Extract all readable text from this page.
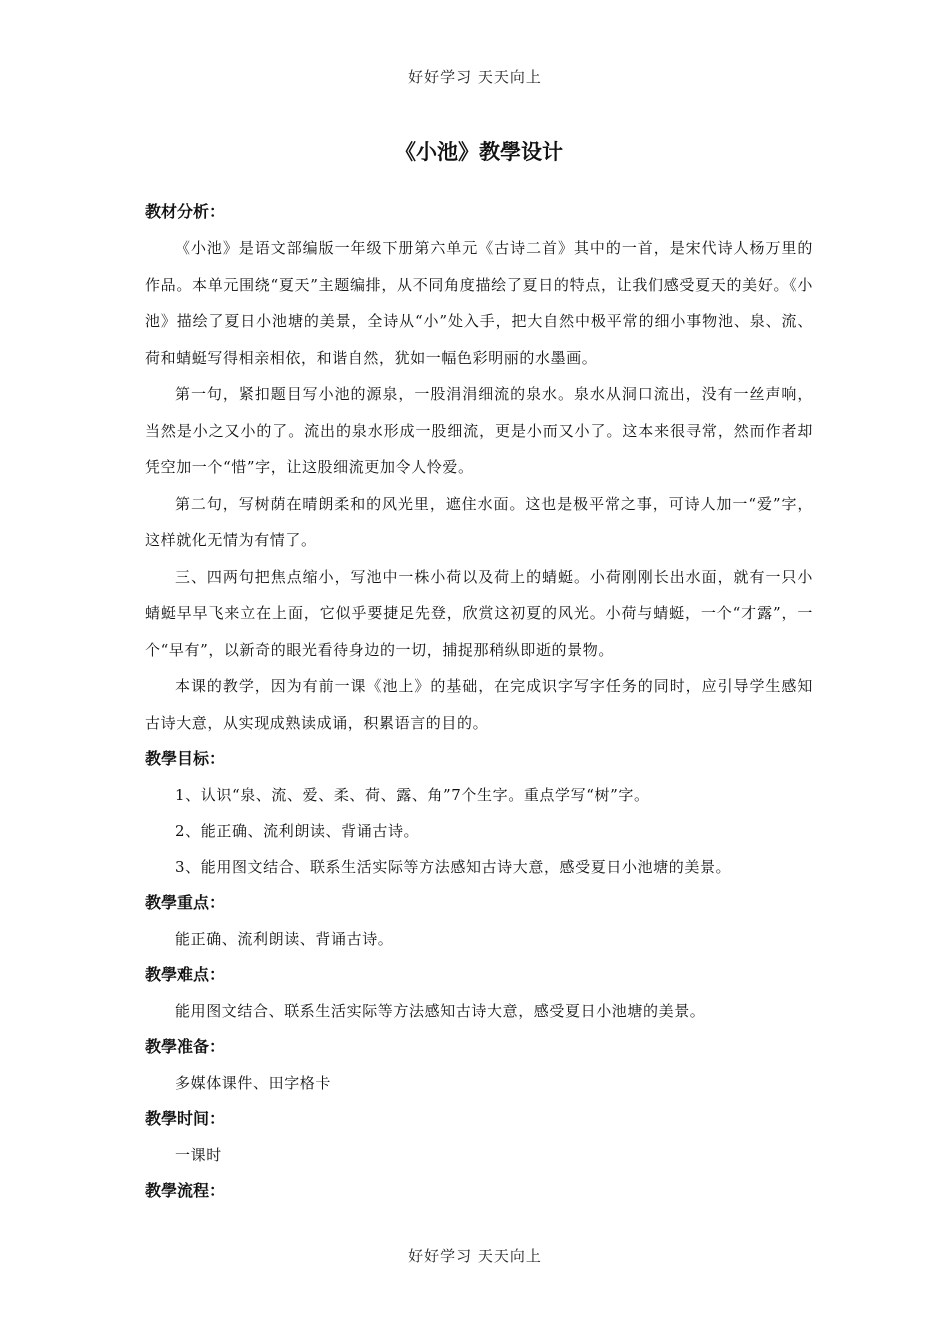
好好学习 天天向上
《小池》教學设计
教材分析：

《小池》是语文部编版一年级下册第六单元《古诗二首》其中的一首，是宋代诗人杨万里的作品。本单元围绕“夏天”主题编排，从不同角度描绘了夏日的特点，让我们感受夏天的美好。《小池》描绘了夏日小池塘的美景，全诗从“小”处入手，把大自然中极平常的细小事物池、泉、流、荷和蜻蜓写得相亲相依，和谐自然，犹如一幅色彩明丽的水墨画。

第一句，紧扣题目写小池的源泉，一股涓涓细流的泉水。泉水从洞口流出，没有一丝声响，当然是小之又小的了。流出的泉水形成一股细流，更是小而又小了。这本来很寻常，然而作者却凭空加一个“惜”字，让这股细流更加令人怜爱。

第二句，写树荫在晴朗柔和的风光里，遮住水面。这也是极平常之事，可诗人加一“爱”字，这样就化无情为有情了。

三、四两句把焦点缩小，写池中一株小荷以及荷上的蜻蜓。小荷刚刚长出水面，就有一只小蜻蜓早早飞来立在上面，它似乎要捷足先登，欣赏这初夏的风光。小荷与蜻蜓，一个“才露”，一个“早有”，以新奇的眼光看待身边的一切，捕捉那稍纵即逝的景物。

本课的教学，因为有前一课《池上》的基础，在完成识字写字任务的同时，应引导学生感知古诗大意，从实现成熟读成诵，积累语言的目的。

教學目标：

1、认识“泉、流、爱、柔、荷、露、角”7个生字。重点学写“树”字。

2、能正确、流利朗读、背诵古诗。

3、能用图文结合、联系生活实际等方法感知古诗大意，感受夏日小池塘的美景。

教學重点：

能正确、流利朗读、背诵古诗。

教學难点：

能用图文结合、联系生活实际等方法感知古诗大意，感受夏日小池塘的美景。

教學准备：

多媒体课件、田字格卡

教學时间：

一课时

教學流程：
好好学习 天天向上
